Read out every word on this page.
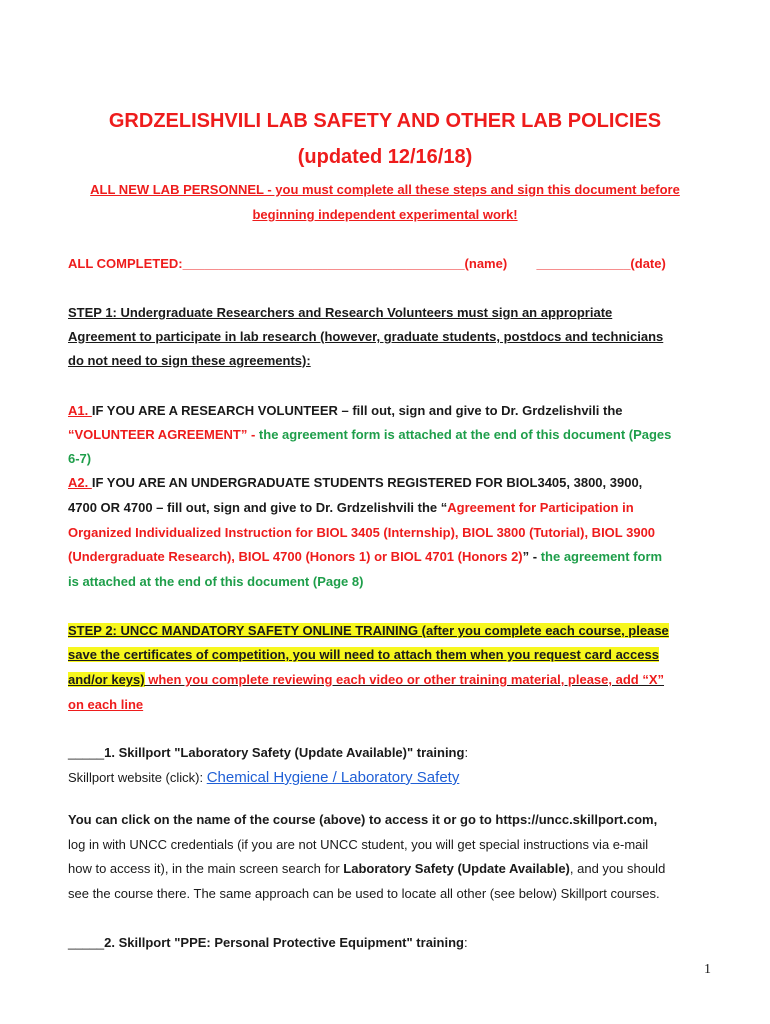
GRDZELISHVILI LAB SAFETY AND OTHER LAB POLICIES
(updated 12/16/18)
ALL NEW LAB PERSONNEL - you must complete all these steps and sign this document before
beginning independent experimental work!
ALL COMPLETED:_______________________________________(name) _____________(date)
STEP 1: Undergraduate Researchers and Research Volunteers must sign an appropriate
Agreement to participate in lab research (however, graduate students, postdocs and technicians
do not need to sign these agreements):
A1. IF YOU ARE A RESEARCH VOLUNTEER – fill out, sign and give to Dr. Grdzelishvili the
“VOLUNTEER AGREEMENT” - the agreement form is attached at the end of this document (Pages
6-7)
A2. IF YOU ARE AN UNDERGRADUATE STUDENTS REGISTERED FOR BIOL3405, 3800, 3900,
4700 OR 4700 – fill out, sign and give to Dr. Grdzelishvili the “Agreement for Participation in
Organized Individualized Instruction for BIOL 3405 (Internship), BIOL 3800 (Tutorial), BIOL 3900
(Undergraduate Research), BIOL 4700 (Honors 1) or BIOL 4701 (Honors 2)” - the agreement form
is attached at the end of this document (Page 8)
STEP 2: UNCC MANDATORY SAFETY ONLINE TRAINING (after you complete each course, please
save the certificates of competition, you will need to attach them when you request card access
and/or keys) when you complete reviewing each video or other training material, please, add “X”
on each line
_____1. Skillport "Laboratory Safety (Update Available)" training:
Skillport website (click): Chemical Hygiene / Laboratory Safety
You can click on the name of the course (above) to access it or go to https://uncc.skillport.com,
log in with UNCC credentials (if you are not UNCC student, you will get special instructions via e-mail
how to access it), in the main screen search for Laboratory Safety (Update Available), and you should
see the course there. The same approach can be used to locate all other (see below) Skillport courses.
_____2. Skillport "PPE: Personal Protective Equipment" training:
1
